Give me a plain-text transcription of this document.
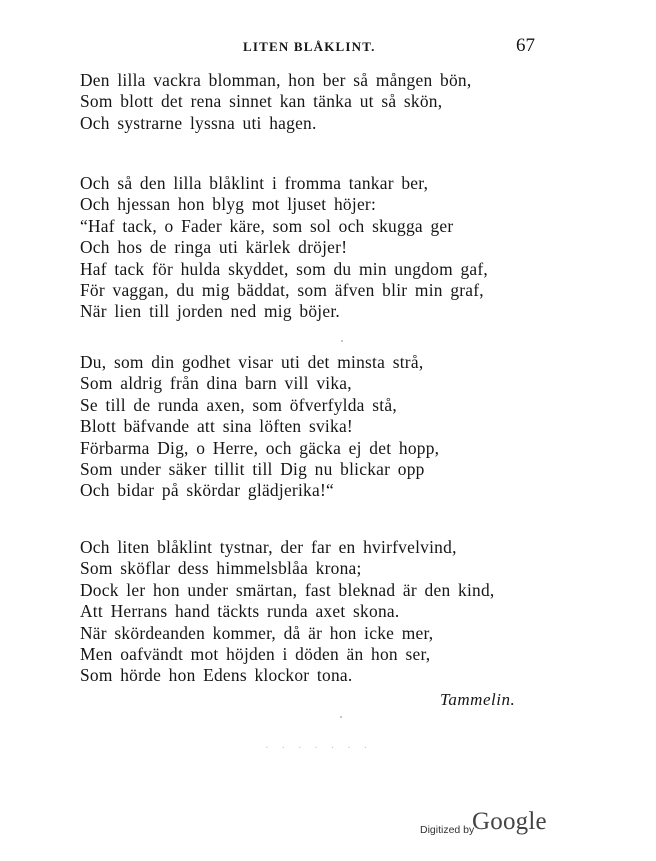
LITEN BLÅKLINT.	67
Den lilla vackra blomman, hon ber så mången bön,
Som blott det rena sinnet kan tänka ut så skön,
Och systrarne lyssna uti hagen.
Och så den lilla blåklint i fromma tankar ber,
Och hjessan hon blyg mot ljuset höjer:
“Haf tack, o Fader käre, som sol och skugga ger
Och hos de ringa uti kärlek dröjer!
Haf tack för hulda skyddet, som du min ungdom gaf,
För vaggan, du mig bäddat, som äfven blir min graf,
När lien till jorden ned mig böjer.
Du, som din godhet visar uti det minsta strå,
Som aldrig från dina barn vill vika,
Se till de runda axen, som öfverfylda stå,
Blott bäfvande att sina löften svika!
Förbarma Dig, o Herre, och gäcka ej det hopp,
Som under säker tillit till Dig nu blickar opp
Och bidar på skördar glädjerika!“
Och liten blåklint tystnar, der far en hvirfvelvind,
Som sköflar dess himmelsblåa krona;
Dock ler hon under smärtan, fast bleknad är den kind,
Att Herrans hand täckts runda axet skona.
När skördeanden kommer, då är hon icke mer,
Men oafvändt mot höjden i döden än hon ser,
Som hörde hon Edens klockor tona.
Tammelin.
· · · · · · ·
Digitized by
Google
